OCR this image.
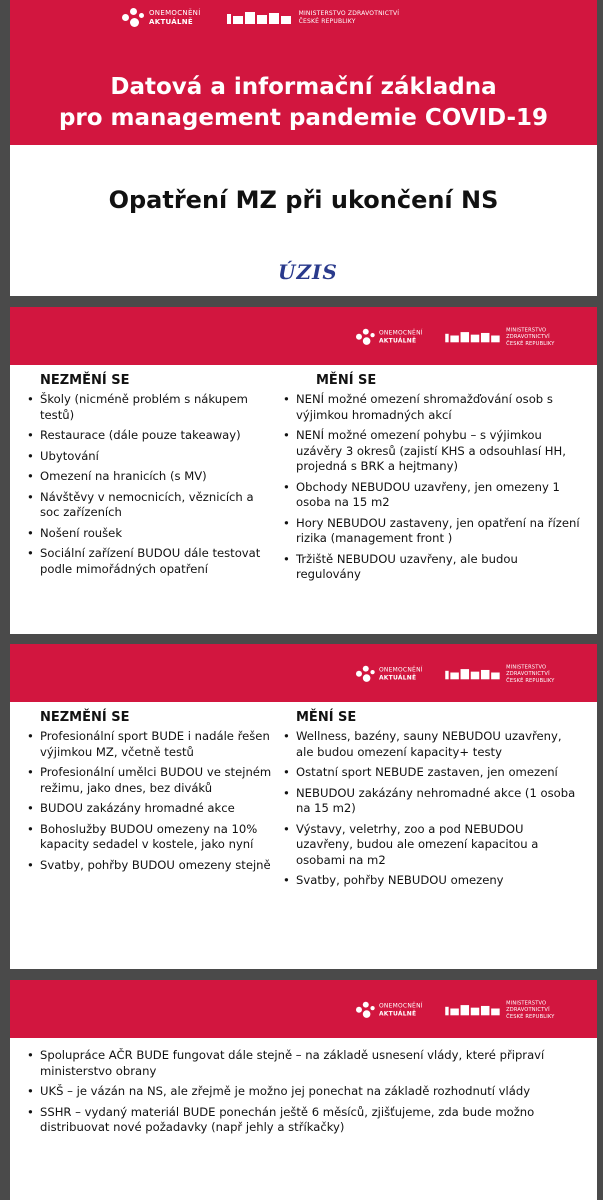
ONEMOCNĚNÍ
AKTUÁLNĚ
MINISTERSTVO ZDRAVOTNICTVÍ
ČESKÉ REPUBLIKY
Datová a informační základna
pro management pandemie COVID-19
Opatření MZ při ukončení NS
ÚZIS
ONEMOCNĚNÍ
AKTUÁLNĚ
MINISTERSTVO ZDRAVOTNICTVÍ
ČESKÉ REPUBLIKY
NEZMĚNÍ SE
• Školy (nicméně problém s nákupem testů)
• Restaurace (dále pouze takeaway)
• Ubytování
• Omezení na hranicích (s MV)
• Návštěvy v nemocnicích, věznicích a soc zařízeních
• Nošení roušek
• Sociální zařízení BUDOU dále testovat podle mimořádných opatření
MĚNÍ SE
• NENÍ možné omezení shromažďování osob s výjimkou hromadných akcí
• NENÍ možné omezení pohybu – s výjimkou uzávěry 3 okresů (zajistí KHS a odsouhlasí HH, projedná s BRK a hejtmany)
• Obchody NEBUDOU uzavřeny, jen omezeny 1 osoba na 15 m2
• Hory NEBUDOU zastaveny, jen opatření na řízení rizika (management front )
• Tržiště NEBUDOU uzavřeny, ale budou regulovány
ONEMOCNĚNÍ
AKTUÁLNĚ
MINISTERSTVO ZDRAVOTNICTVÍ
ČESKÉ REPUBLIKY
NEZMĚNÍ SE
• Profesionální sport BUDE i nadále řešen výjimkou MZ, včetně testů
• Profesionální umělci BUDOU ve stejném režimu, jako dnes, bez diváků
• BUDOU zakázány hromadné akce
• Bohoslužby BUDOU omezeny na 10% kapacity sedadel v kostele, jako nyní
• Svatby, pohřby BUDOU omezeny stejně
MĚNÍ SE
• Wellness, bazény, sauny NEBUDOU uzavřeny, ale budou omezení kapacity+ testy
• Ostatní sport NEBUDE zastaven, jen omezení
• NEBUDOU zakázány nehromadné akce (1 osoba na 15 m2)
• Výstavy, veletrhy, zoo a pod NEBUDOU uzavřeny, budou ale omezení kapacitou a osobami na m2
• Svatby, pohřby NEBUDOU omezeny
ONEMOCNĚNÍ
AKTUÁLNĚ
MINISTERSTVO ZDRAVOTNICTVÍ
ČESKÉ REPUBLIKY
• Spolupráce AČR BUDE fungovat dále stejně – na základě usnesení vlády, které připraví ministerstvo obrany
• UKŠ – je vázán na NS, ale zřejmě je možno jej ponechat na základě rozhodnutí vlády
• SSHR – vydaný materiál BUDE ponechán ještě 6 měsíců, zjišťujeme, zda bude možno distribuovat nové požadavky (např jehly a stříkačky)
